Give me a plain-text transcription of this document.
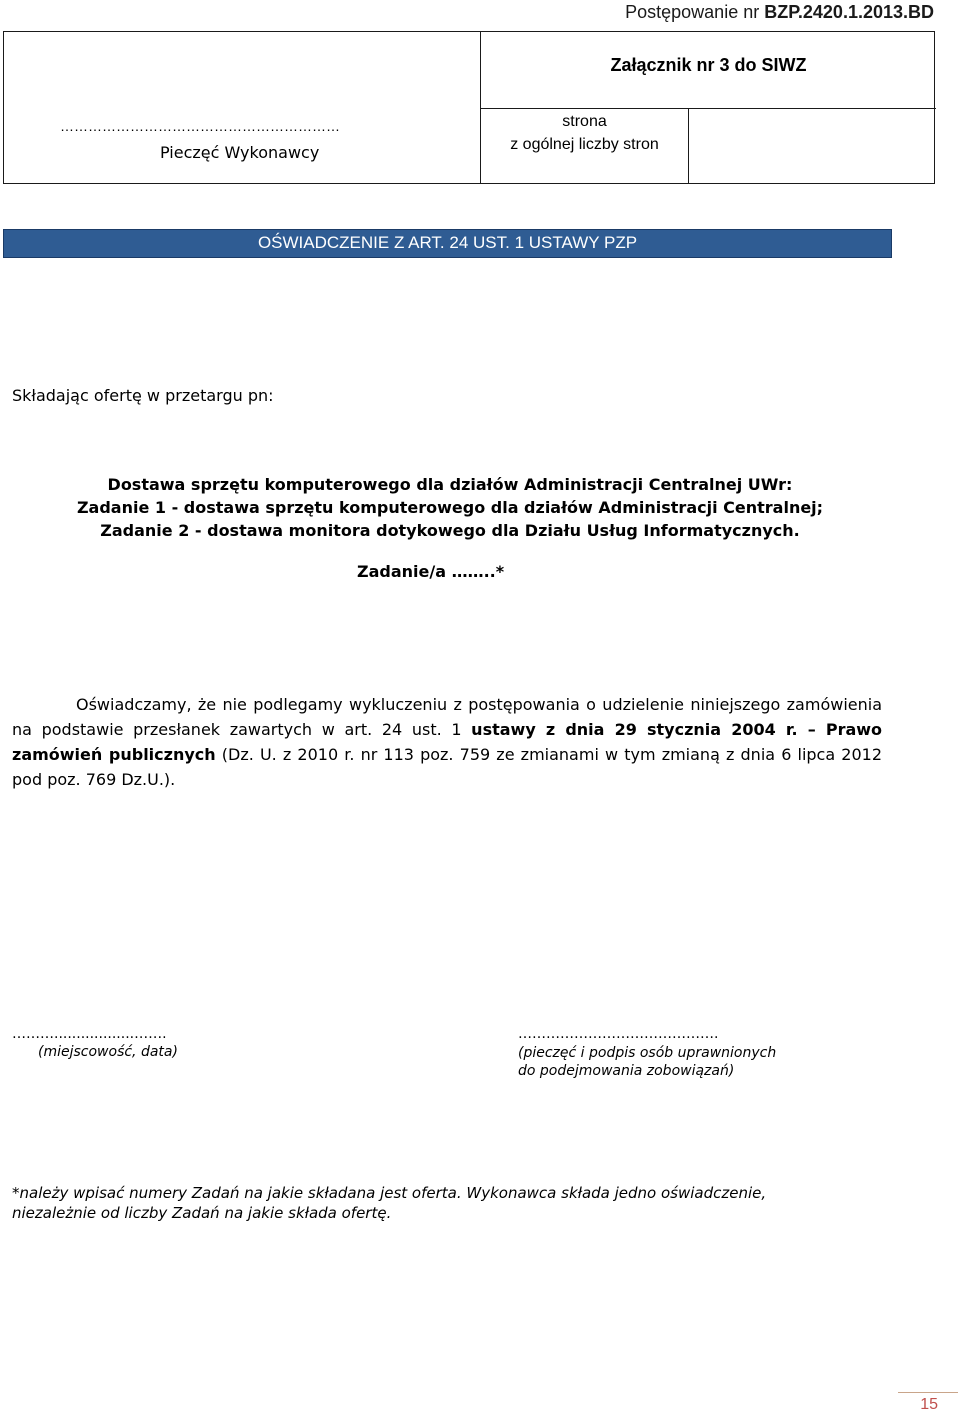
Postępowanie nr BZP.2420.1.2013.BD
Załącznik nr 3 do SIWZ
strona
z ogólnej liczby stron
……………………………………………………
Pieczęć Wykonawcy
OŚWIADCZENIE Z ART. 24 UST. 1 USTAWY PZP
Składając ofertę w przetargu pn:
Dostawa sprzętu komputerowego dla działów Administracji Centralnej UWr:
Zadanie 1 - dostawa sprzętu komputerowego dla działów Administracji Centralnej;
Zadanie 2 - dostawa monitora dotykowego dla Działu Usług Informatycznych.
Zadanie/a ……..*

Oświadczamy, że nie podlegamy wykluczeniu z postępowania o udzielenie niniejszego zamówienia na podstawie przesłanek zawartych w art. 24 ust. 1 ustawy z dnia 29 stycznia 2004 r. – Prawo zamówień publicznych (Dz. U. z 2010 r. nr 113 poz. 759 ze zmianami w tym zmianą z dnia 6 lipca 2012 pod poz. 769 Dz.U.).

………..................…….
(miejscowość, data)
…………………………………….
(pieczęć i podpis osób uprawnionych
do podejmowania zobowiązań)
*należy wpisać numery Zadań na jakie składana jest oferta. Wykonawca składa jedno oświadczenie,
niezależnie od liczby Zadań na jakie składa ofertę.
15
